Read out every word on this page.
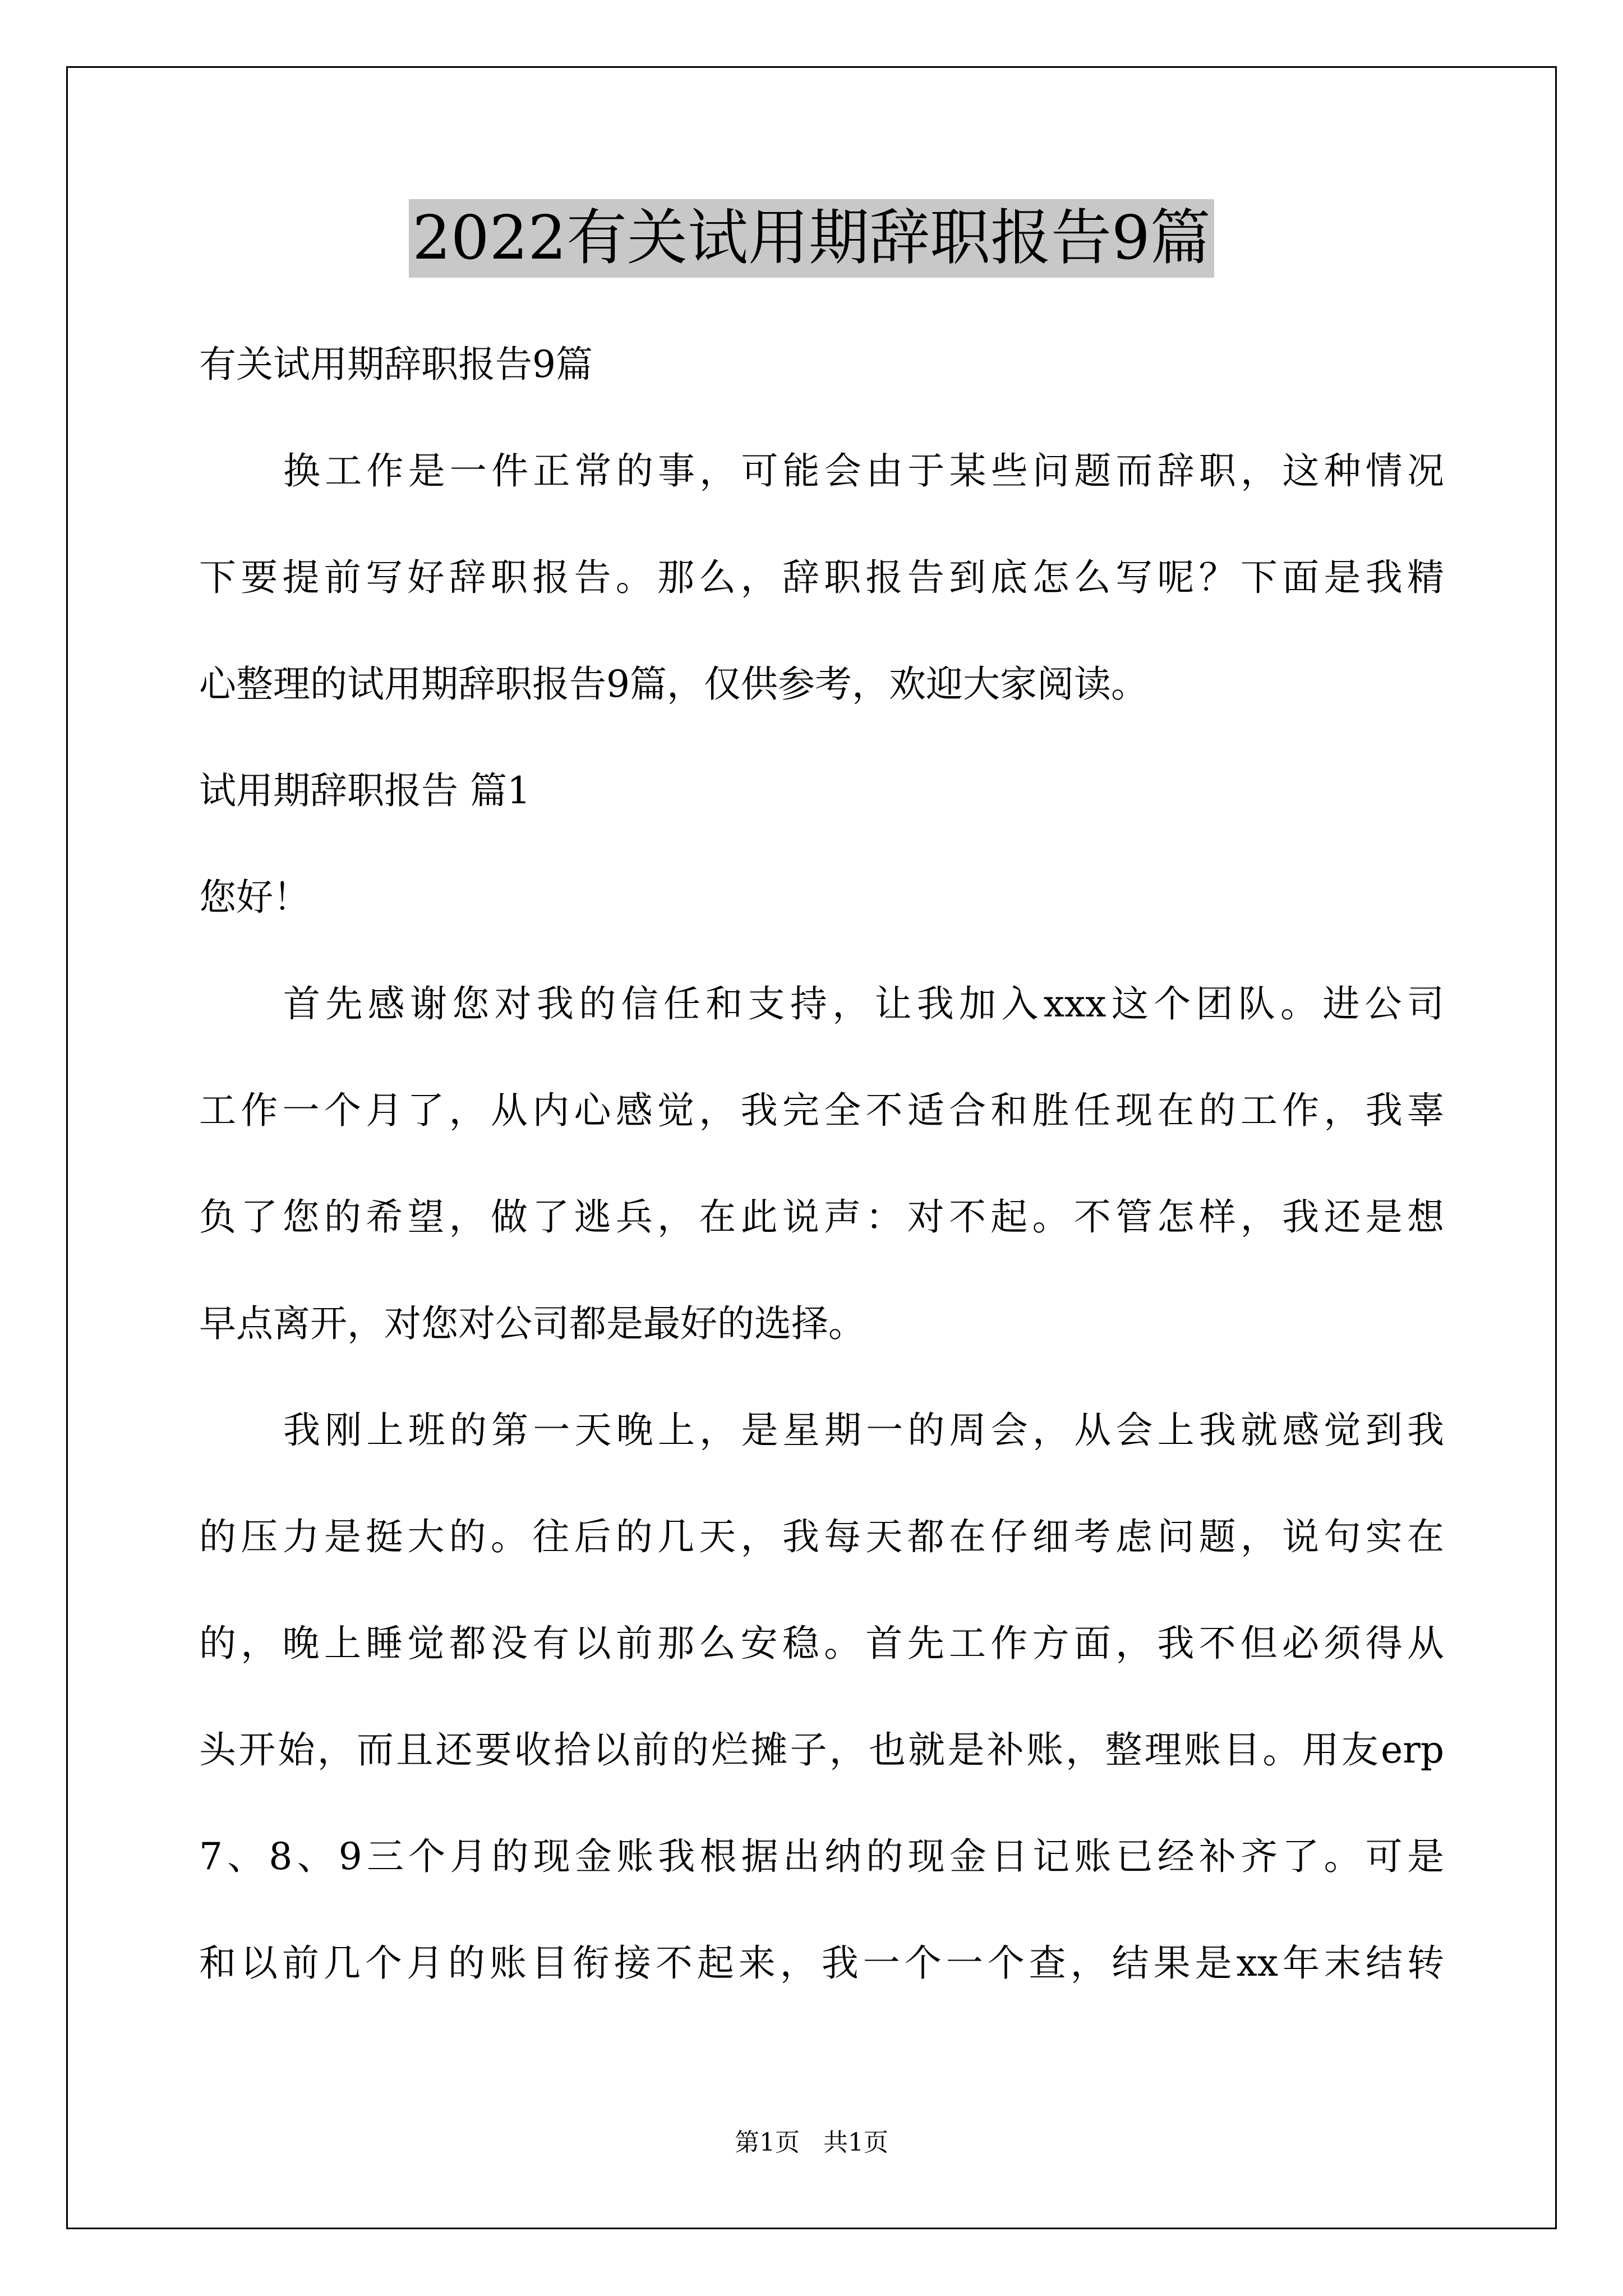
2022有关试用期辞职报告9篇
有关试用期辞职报告9篇
换工作是一件正常的事，可能会由于某些问题而辞职，这种情况
下要提前写好辞职报告。那么，辞职报告到底怎么写呢？下面是我精
心整理的试用期辞职报告9篇，仅供参考，欢迎大家阅读。
试用期辞职报告 篇1
您好！
首先感谢您对我的信任和支持，让我加入xxx这个团队。进公司
工作一个月了，从内心感觉，我完全不适合和胜任现在的工作，我辜
负了您的希望，做了逃兵，在此说声：对不起。不管怎样，我还是想
早点离开，对您对公司都是最好的选择。
我刚上班的第一天晚上，是星期一的周会，从会上我就感觉到我
的压力是挺大的。往后的几天，我每天都在仔细考虑问题，说句实在
的，晚上睡觉都没有以前那么安稳。首先工作方面，我不但必须得从
头开始，而且还要收拾以前的烂摊子，也就是补账，整理账目。用友erp
7、8、9三个月的现金账我根据出纳的现金日记账已经补齐了。可是
和以前几个月的账目衔接不起来，我一个一个查，结果是xx年末结转
第1页   共1页
